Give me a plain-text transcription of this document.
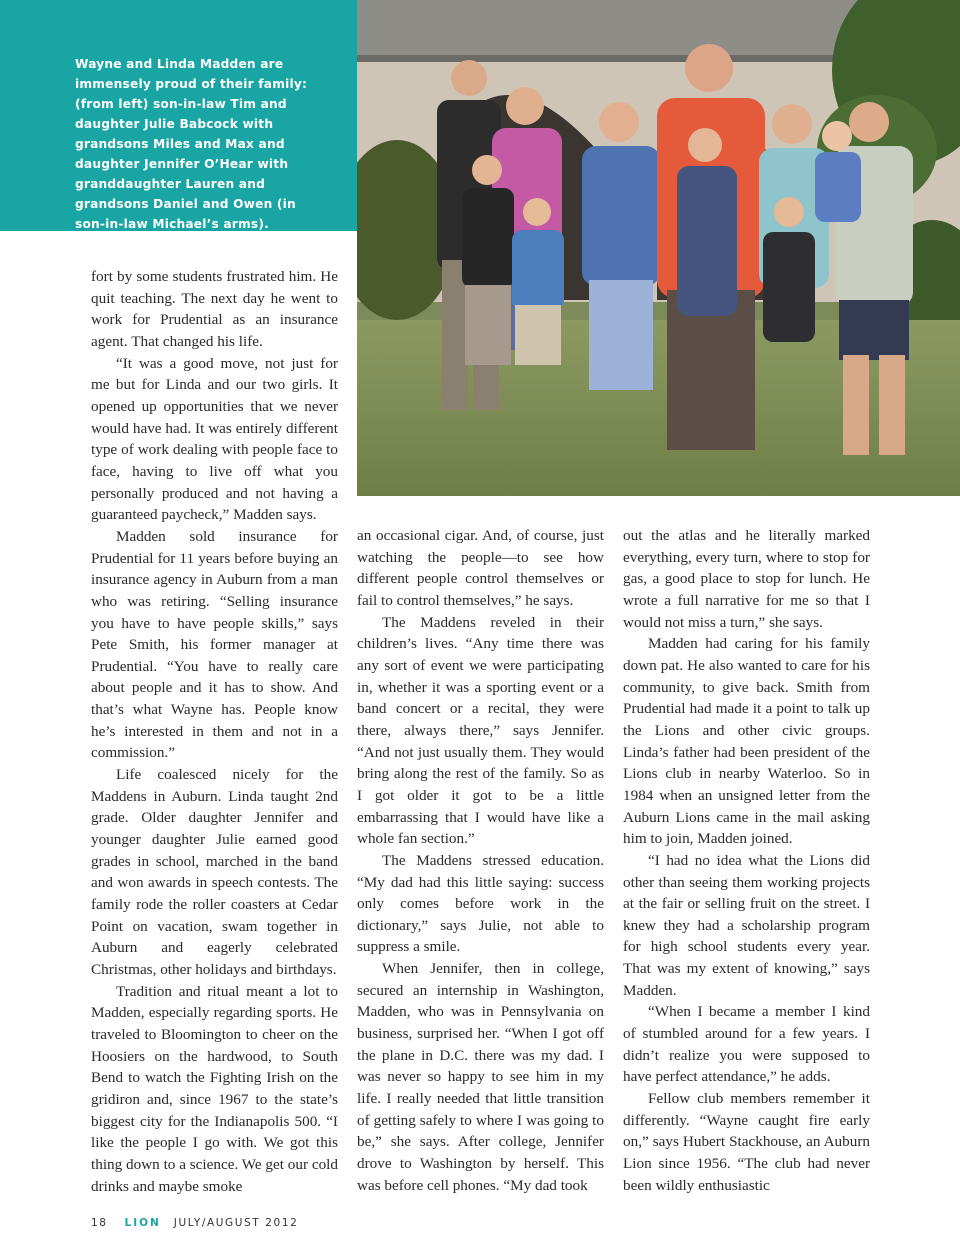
Wayne and Linda Madden are immensely proud of their family: (from left) son-in-law Tim and daughter Julie Babcock with grandsons Miles and Max and daughter Jennifer O’Hear with granddaughter Lauren and grandsons Daniel and Owen (in son-in-law Michael’s arms).

Photo by Dan Morris

fort by some students frustrated him. He quit teaching. The next day he went to work for Prudential as an insurance agent. That changed his life.

“It was a good move, not just for me but for Linda and our two girls. It opened up opportunities that we never would have had. It was entirely different type of work dealing with people face to face, having to live off what you personally produced and not having a guaranteed paycheck,” Madden says.

Madden sold insurance for Prudential for 11 years before buying an insurance agency in Auburn from a man who was retiring. “Selling insurance you have to have people skills,” says Pete Smith, his former manager at Prudential. “You have to really care about people and it has to show. And that’s what Wayne has. People know he’s interested in them and not in a commission.”

Life coalesced nicely for the Maddens in Auburn. Linda taught 2nd grade. Older daughter Jennifer and younger daughter Julie earned good grades in school, marched in the band and won awards in speech contests. The family rode the roller coasters at Cedar Point on vacation, swam together in Auburn and eagerly celebrated Christmas, other holidays and birthdays.

Tradition and ritual meant a lot to Madden, especially regarding sports. He traveled to Bloomington to cheer on the Hoosiers on the hardwood, to South Bend to watch the Fighting Irish on the gridiron and, since 1967 to the state’s biggest city for the Indianapolis 500. “I like the people I go with. We got this thing down to a science. We get our cold drinks and maybe smoke

an occasional cigar. And, of course, just watching the people—to see how different people control themselves or fail to control themselves,” he says.

The Maddens reveled in their children’s lives. “Any time there was any sort of event we were participating in, whether it was a sporting event or a band concert or a recital, they were there, always there,” says Jennifer. “And not just usually them. They would bring along the rest of the family. So as I got older it got to be a little embarrassing that I would have like a whole fan section.”

The Maddens stressed education. “My dad had this little saying: success only comes before work in the dictionary,” says Julie, not able to suppress a smile.

When Jennifer, then in college, secured an internship in Washington, Madden, who was in Pennsylvania on business, surprised her. “When I got off the plane in D.C. there was my dad. I was never so happy to see him in my life. I really needed that little transition of getting safely to where I was going to be,” she says. After college, Jennifer drove to Washington by herself. This was before cell phones. “My dad took

out the atlas and he literally marked everything, every turn, where to stop for gas, a good place to stop for lunch. He wrote a full narrative for me so that I would not miss a turn,” she says.

Madden had caring for his family down pat. He also wanted to care for his community, to give back. Smith from Prudential had made it a point to talk up the Lions and other civic groups. Linda’s father had been president of the Lions club in nearby Waterloo. So in 1984 when an unsigned letter from the Auburn Lions came in the mail asking him to join, Madden joined.

“I had no idea what the Lions did other than seeing them working projects at the fair or selling fruit on the street. I knew they had a scholarship program for high school students every year. That was my extent of knowing,” says Madden.

“When I became a member I kind of stumbled around for a few years. I didn’t realize you were supposed to have perfect attendance,” he adds.

Fellow club members remember it differently. “Wayne caught fire early on,” says Hubert Stackhouse, an Auburn Lion since 1956. “The club had never been wildly enthusiastic

18 LION JULY/AUGUST 2012
